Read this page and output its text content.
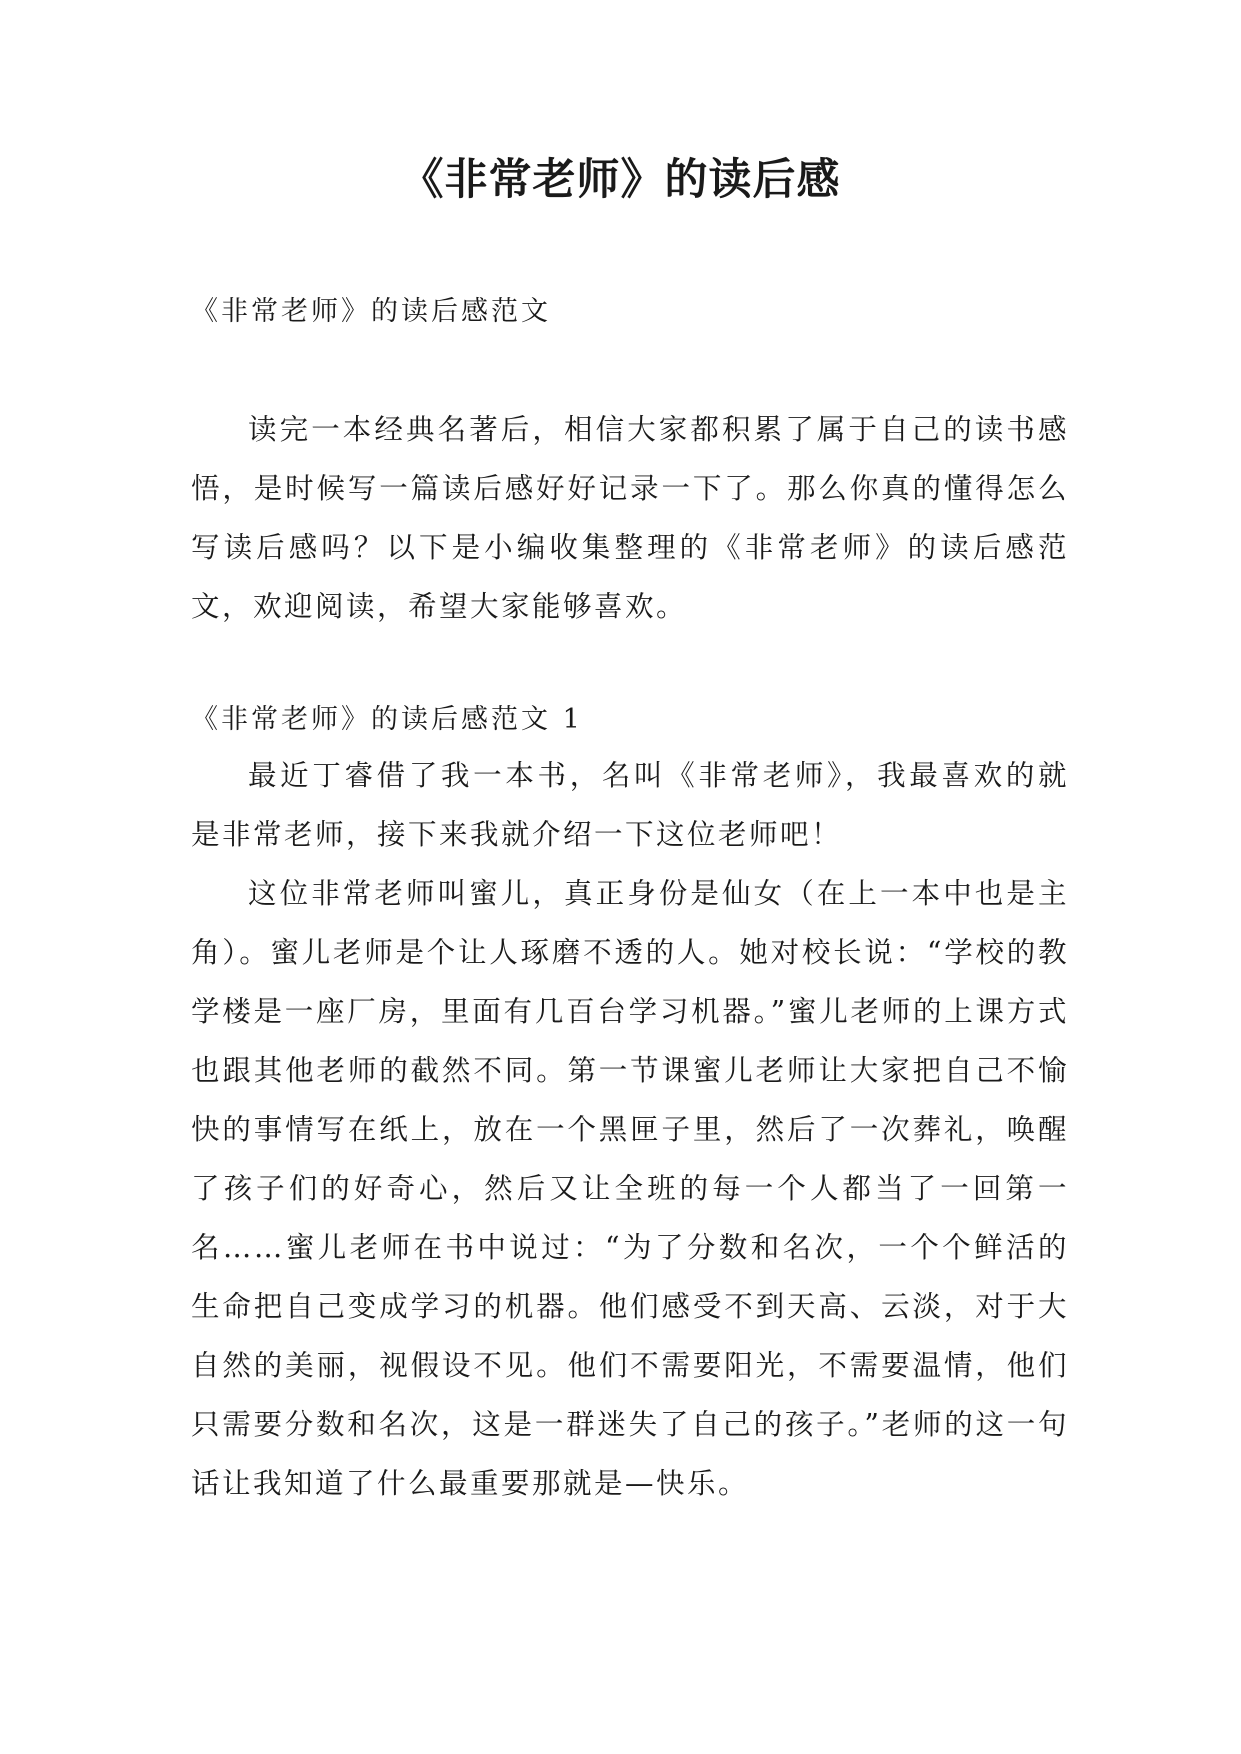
《非常老师》的读后感
《非常老师》的读后感范文

读完一本经典名著后，相信大家都积累了属于自己的读书感悟，是时候写一篇读后感好好记录一下了。那么你真的懂得怎么写读后感吗？以下是小编收集整理的《非常老师》的读后感范文，欢迎阅读，希望大家能够喜欢。

《非常老师》的读后感范文 1

最近丁睿借了我一本书，名叫《非常老师》，我最喜欢的就是非常老师，接下来我就介绍一下这位老师吧！

这位非常老师叫蜜儿，真正身份是仙女（在上一本中也是主角）。蜜儿老师是个让人琢磨不透的人。她对校长说：“学校的教学楼是一座厂房，里面有几百台学习机器。”蜜儿老师的上课方式也跟其他老师的截然不同。第一节课蜜儿老师让大家把自己不愉快的事情写在纸上，放在一个黑匣子里，然后了一次葬礼，唤醒了孩子们的好奇心，然后又让全班的每一个人都当了一回第一名……蜜儿老师在书中说过：“为了分数和名次，一个个鲜活的生命把自己变成学习的机器。他们感受不到天高、云淡，对于大自然的美丽，视假设不见。他们不需要阳光，不需要温情，他们只需要分数和名次，这是一群迷失了自己的孩子。”老师的这一句话让我知道了什么最重要那就是—快乐。
